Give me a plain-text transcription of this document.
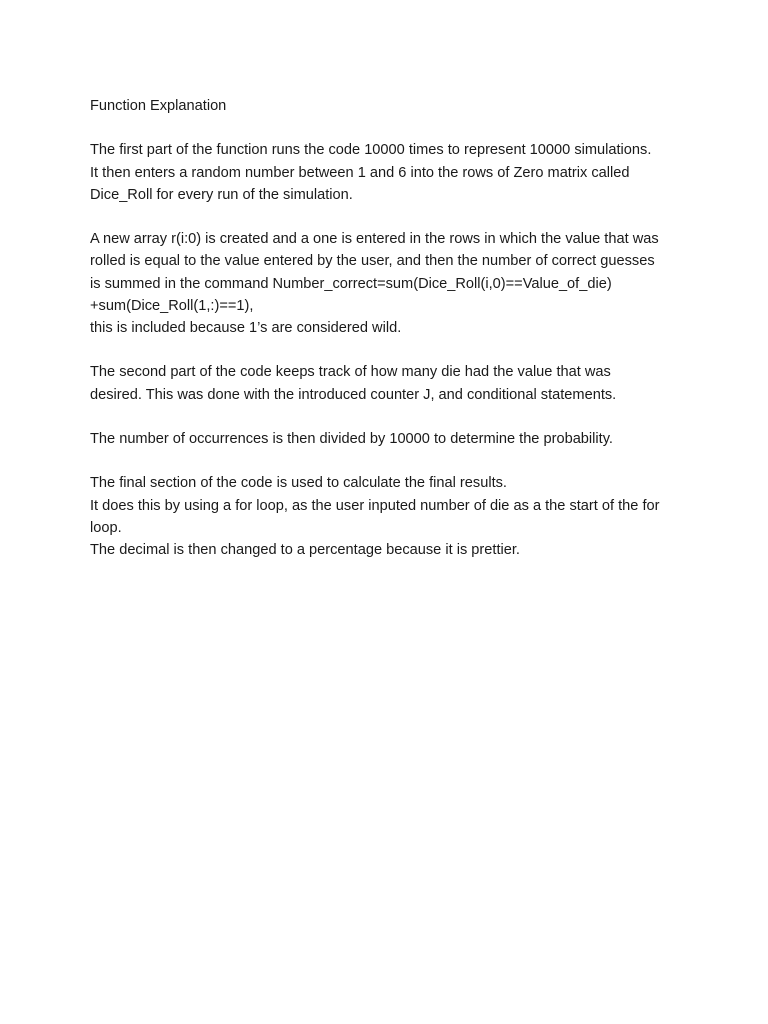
Function Explanation
The first part of the function runs the code 10000 times to represent 10000 simulations.
It then enters a random number between 1 and 6 into the rows of Zero matrix called
Dice_Roll for every run of the simulation.
A new array r(i:0) is created and a one is entered in the rows in which the value that was
rolled is equal to the value entered by the user, and then the number of correct guesses
is summed in the command Number_correct=sum(Dice_Roll(i,0)==Value_of_die)
+sum(Dice_Roll(1,:)==1),
this is included because 1’s are considered wild.
The second part of the code keeps track of how many die had the value that was
desired. This was done with the introduced counter J, and conditional statements.
The number of occurrences is then divided by 10000 to determine the probability.
The final section of the code is used to calculate the final results.
It does this by using a for loop, as the user inputed number of die as a the start of the for
loop.
The decimal is then changed to a percentage because it is prettier.
